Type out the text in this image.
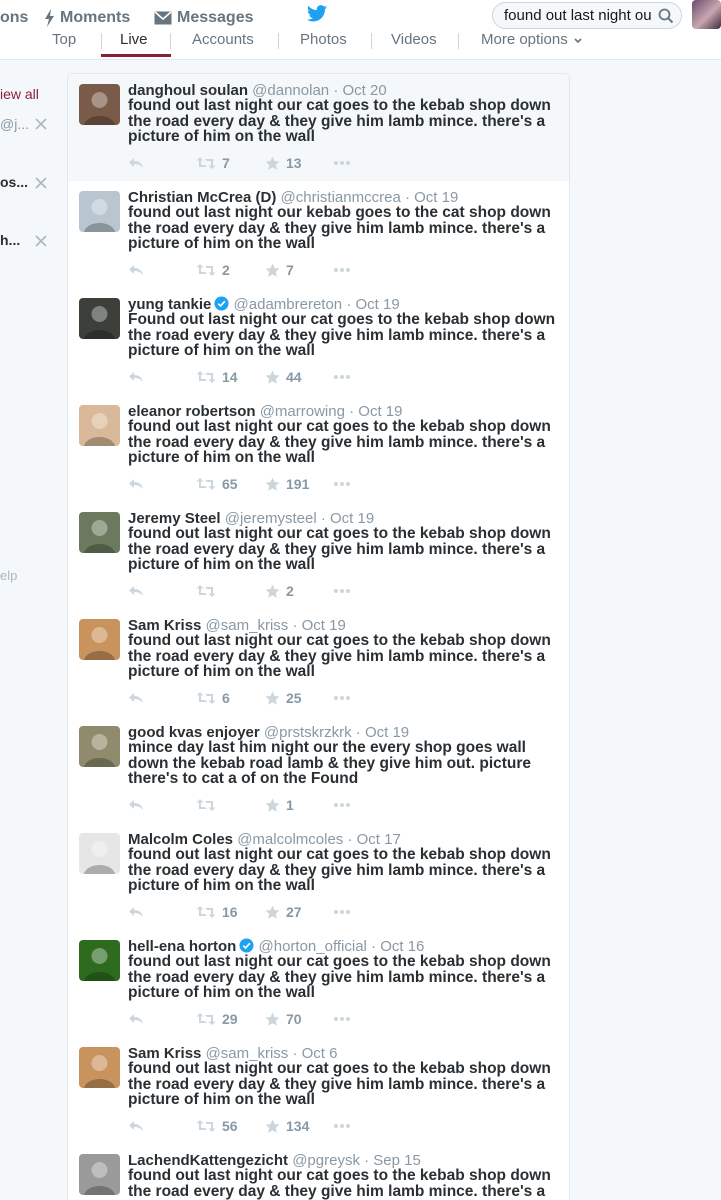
ons Moments	Messages
found out last night ou
Top	Live	Accounts	Photos	Videos	More options
iew all
@j...
os...
h...
elp
danghoul soulan @dannolan · Oct 20
found out last night our cat goes to the kebab shop down the road every day & they give him lamb mince. there's a picture of him on the wall
7	13
Christian McCrea (D) @christianmccrea · Oct 19
found out last night our kebab goes to the cat shop down the road every day & they give him lamb mince. there's a picture of him on the wall
2	7
yung tankie @adambrereton · Oct 19
Found out last night our cat goes to the kebab shop down the road every day & they give him lamb mince. there's a picture of him on the wall
14	44
eleanor robertson @marrowing · Oct 19
found out last night our cat goes to the kebab shop down the road every day & they give him lamb mince. there's a picture of him on the wall
65	191
Jeremy Steel @jeremysteel · Oct 19
found out last night our cat goes to the kebab shop down the road every day & they give him lamb mince. there's a picture of him on the wall
2
Sam Kriss @sam_kriss · Oct 19
found out last night our cat goes to the kebab shop down the road every day & they give him lamb mince. there's a picture of him on the wall
6	25
good kvas enjoyer @prstskrzkrk · Oct 19
mince day last him night our the every shop goes wall down the kebab road lamb & they give him out. picture there's to cat a of on the Found
1
Malcolm Coles @malcolmcoles · Oct 17
found out last night our cat goes to the kebab shop down the road every day & they give him lamb mince. there's a picture of him on the wall
16	27
hell-ena horton @horton_official · Oct 16
found out last night our cat goes to the kebab shop down the road every day & they give him lamb mince. there's a picture of him on the wall
29	70
Sam Kriss @sam_kriss · Oct 6
found out last night our cat goes to the kebab shop down the road every day & they give him lamb mince. there's a picture of him on the wall
56	134
LachendKattengezicht @pgreysk · Sep 15
found out last night our cat goes to the kebab shop down the road every day & they give him lamb mince. there's a
